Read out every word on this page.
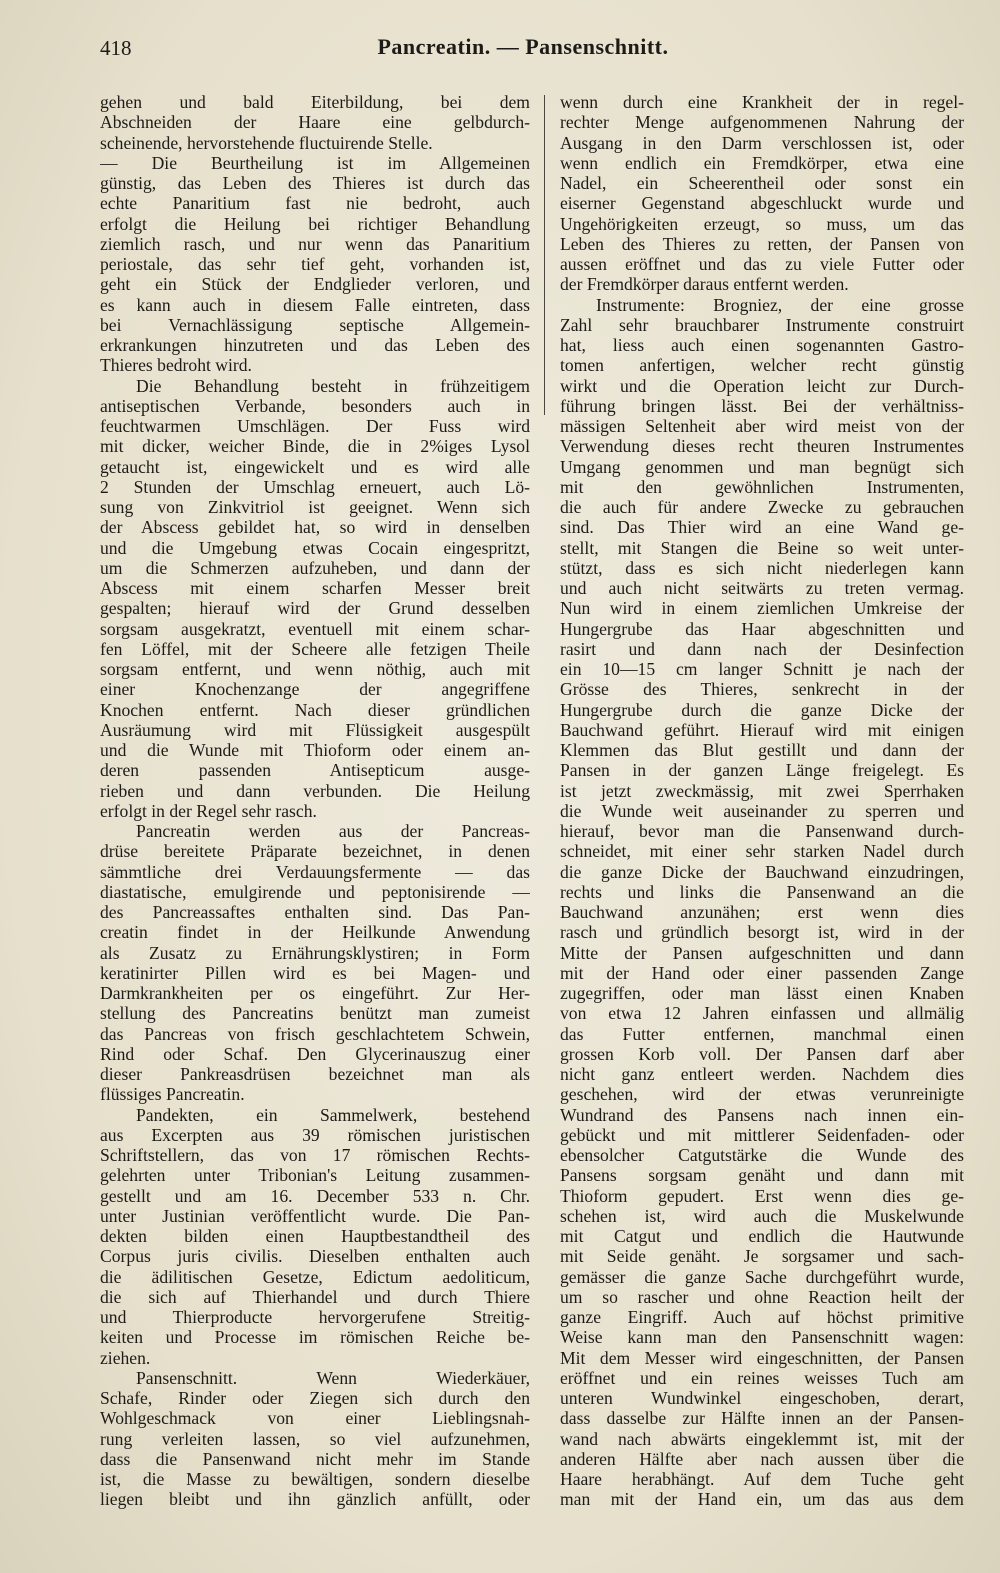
418	Pancreatin. — Pansenschnitt.
gehen und bald Eiterbildung, bei dem
Abschneiden der Haare eine gelbdurch-
scheinende, hervorstehende fluctuirende Stelle.
— Die Beurtheilung ist im Allgemeinen
günstig, das Leben des Thieres ist durch das
echte Panaritium fast nie bedroht, auch
erfolgt die Heilung bei richtiger Behandlung
ziemlich rasch, und nur wenn das Panaritium
periostale, das sehr tief geht, vorhanden ist,
geht ein Stück der Endglieder verloren, und
es kann auch in diesem Falle eintreten, dass
bei Vernachlässigung septische Allgemein-
erkrankungen hinzutreten und das Leben des
Thieres bedroht wird.
Die Behandlung besteht in frühzeitigem
antiseptischen Verbande, besonders auch in
feuchtwarmen Umschlägen. Der Fuss wird
mit dicker, weicher Binde, die in 2%iges Lysol
getaucht ist, eingewickelt und es wird alle
2 Stunden der Umschlag erneuert, auch Lö-
sung von Zinkvitriol ist geeignet. Wenn sich
der Abscess gebildet hat, so wird in denselben
und die Umgebung etwas Cocain eingespritzt,
um die Schmerzen aufzuheben, und dann der
Abscess mit einem scharfen Messer breit
gespalten; hierauf wird der Grund desselben
sorgsam ausgekratzt, eventuell mit einem schar-
fen Löffel, mit der Scheere alle fetzigen Theile
sorgsam entfernt, und wenn nöthig, auch mit
einer Knochenzange der angegriffene
Knochen entfernt. Nach dieser gründlichen
Ausräumung wird mit Flüssigkeit ausgespült
und die Wunde mit Thioform oder einem an-
deren passenden Antisepticum ausge-
rieben und dann verbunden. Die Heilung
erfolgt in der Regel sehr rasch.
Pancreatin werden aus der Pancreas-
drüse bereitete Präparate bezeichnet, in denen
sämmtliche drei Verdauungsfermente — das
diastatische, emulgirende und peptonisirende —
des Pancreassaftes enthalten sind. Das Pan-
creatin findet in der Heilkunde Anwendung
als Zusatz zu Ernährungsklystiren; in Form
keratinirter Pillen wird es bei Magen- und
Darmkrankheiten per os eingeführt. Zur Her-
stellung des Pancreatins benützt man zumeist
das Pancreas von frisch geschlachtetem Schwein,
Rind oder Schaf. Den Glycerinauszug einer
dieser Pankreasdrüsen bezeichnet man als
flüssiges Pancreatin.
Pandekten, ein Sammelwerk, bestehend
aus Excerpten aus 39 römischen juristischen
Schriftstellern, das von 17 römischen Rechts-
gelehrten unter Tribonian's Leitung zusammen-
gestellt und am 16. December 533 n. Chr.
unter Justinian veröffentlicht wurde. Die Pan-
dekten bilden einen Hauptbestandtheil des
Corpus juris civilis. Dieselben enthalten auch
die ädilitischen Gesetze, Edictum aedoliticum,
die sich auf Thierhandel und durch Thiere
und Thierproducte hervorgerufene Streitig-
keiten und Processe im römischen Reiche be-
ziehen.
Pansenschnitt. Wenn Wiederkäuer,
Schafe, Rinder oder Ziegen sich durch den
Wohlgeschmack von einer Lieblingsnah-
rung verleiten lassen, so viel aufzunehmen,
dass die Pansenwand nicht mehr im Stande
ist, die Masse zu bewältigen, sondern dieselbe
liegen bleibt und ihn gänzlich anfüllt, oder
wenn durch eine Krankheit der in regel-
rechter Menge aufgenommenen Nahrung der
Ausgang in den Darm verschlossen ist, oder
wenn endlich ein Fremdkörper, etwa eine
Nadel, ein Scheerentheil oder sonst ein
eiserner Gegenstand abgeschluckt wurde und
Ungehörigkeiten erzeugt, so muss, um das
Leben des Thieres zu retten, der Pansen von
aussen eröffnet und das zu viele Futter oder
der Fremdkörper daraus entfernt werden.
Instrumente: Brogniez, der eine grosse
Zahl sehr brauchbarer Instrumente construirt
hat, liess auch einen sogenannten Gastro-
tomen anfertigen, welcher recht günstig
wirkt und die Operation leicht zur Durch-
führung bringen lässt. Bei der verhältniss-
mässigen Seltenheit aber wird meist von der
Verwendung dieses recht theuren Instrumentes
Umgang genommen und man begnügt sich
mit den gewöhnlichen Instrumenten,
die auch für andere Zwecke zu gebrauchen
sind. Das Thier wird an eine Wand ge-
stellt, mit Stangen die Beine so weit unter-
stützt, dass es sich nicht niederlegen kann
und auch nicht seitwärts zu treten vermag.
Nun wird in einem ziemlichen Umkreise der
Hungergrube das Haar abgeschnitten und
rasirt und dann nach der Desinfection
ein 10—15 cm langer Schnitt je nach der
Grösse des Thieres, senkrecht in der
Hungergrube durch die ganze Dicke der
Bauchwand geführt. Hierauf wird mit einigen
Klemmen das Blut gestillt und dann der
Pansen in der ganzen Länge freigelegt. Es
ist jetzt zweckmässig, mit zwei Sperrhaken
die Wunde weit auseinander zu sperren und
hierauf, bevor man die Pansenwand durch-
schneidet, mit einer sehr starken Nadel durch
die ganze Dicke der Bauchwand einzudringen,
rechts und links die Pansenwand an die
Bauchwand anzunähen; erst wenn dies
rasch und gründlich besorgt ist, wird in der
Mitte der Pansen aufgeschnitten und dann
mit der Hand oder einer passenden Zange
zugegriffen, oder man lässt einen Knaben
von etwa 12 Jahren einfassen und allmälig
das Futter entfernen, manchmal einen
grossen Korb voll. Der Pansen darf aber
nicht ganz entleert werden. Nachdem dies
geschehen, wird der etwas verunreinigte
Wundrand des Pansens nach innen ein-
gebückt und mit mittlerer Seidenfaden- oder
ebensolcher Catgutstärke die Wunde des
Pansens sorgsam genäht und dann mit
Thioform gepudert. Erst wenn dies ge-
schehen ist, wird auch die Muskelwunde
mit Catgut und endlich die Hautwunde
mit Seide genäht. Je sorgsamer und sach-
gemässer die ganze Sache durchgeführt wurde,
um so rascher und ohne Reaction heilt der
ganze Eingriff. Auch auf höchst primitive
Weise kann man den Pansenschnitt wagen:
Mit dem Messer wird eingeschnitten, der Pansen
eröffnet und ein reines weisses Tuch am
unteren Wundwinkel eingeschoben, derart,
dass dasselbe zur Hälfte innen an der Pansen-
wand nach abwärts eingeklemmt ist, mit der
anderen Hälfte aber nach aussen über die
Haare herabhängt. Auf dem Tuche geht
man mit der Hand ein, um das aus dem
